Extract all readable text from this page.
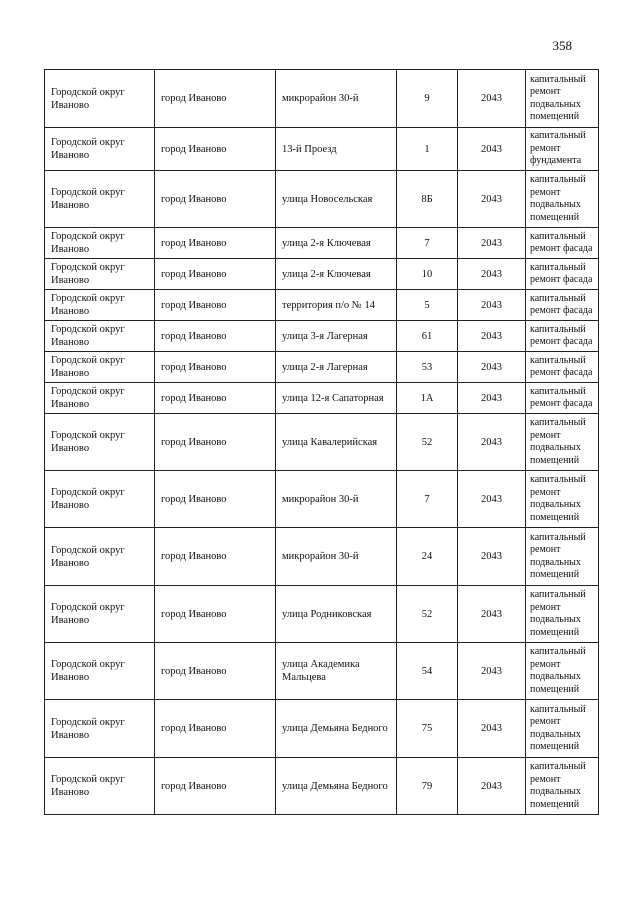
358
Городской округ Иваново	город Иваново	микрорайон 30-й	9	2043	капитальный ремонт подвальных помещений
Городской округ Иваново	город Иваново	13-й Проезд	1	2043	капитальный ремонт фундамента
Городской округ Иваново	город Иваново	улица Новосельская	8Б	2043	капитальный ремонт подвальных помещений
Городской округ Иваново	город Иваново	улица 2-я Ключевая	7	2043	капитальный ремонт фасада
Городской округ Иваново	город Иваново	улица 2-я Ключевая	10	2043	капитальный ремонт фасада
Городской округ Иваново	город Иваново	территория п/о № 14	5	2043	капитальный ремонт фасада
Городской округ Иваново	город Иваново	улица 3-я Лагерная	61	2043	капитальный ремонт фасада
Городской округ Иваново	город Иваново	улица 2-я Лагерная	53	2043	капитальный ремонт фасада
Городской округ Иваново	город Иваново	улица 12-я Сапаторная	1А	2043	капитальный ремонт фасада
Городской округ Иваново	город Иваново	улица Кавалерийская	52	2043	капитальный ремонт подвальных помещений
Городской округ Иваново	город Иваново	микрорайон 30-й	7	2043	капитальный ремонт подвальных помещений
Городской округ Иваново	город Иваново	микрорайон 30-й	24	2043	капитальный ремонт подвальных помещений
Городской округ Иваново	город Иваново	улица Родниковская	52	2043	капитальный ремонт подвальных помещений
Городской округ Иваново	город Иваново	улица Академика Мальцева	54	2043	капитальный ремонт подвальных помещений
Городской округ Иваново	город Иваново	улица Демьяна Бедного	75	2043	капитальный ремонт подвальных помещений
Городской округ Иваново	город Иваново	улица Демьяна Бедного	79	2043	капитальный ремонт подвальных помещений
